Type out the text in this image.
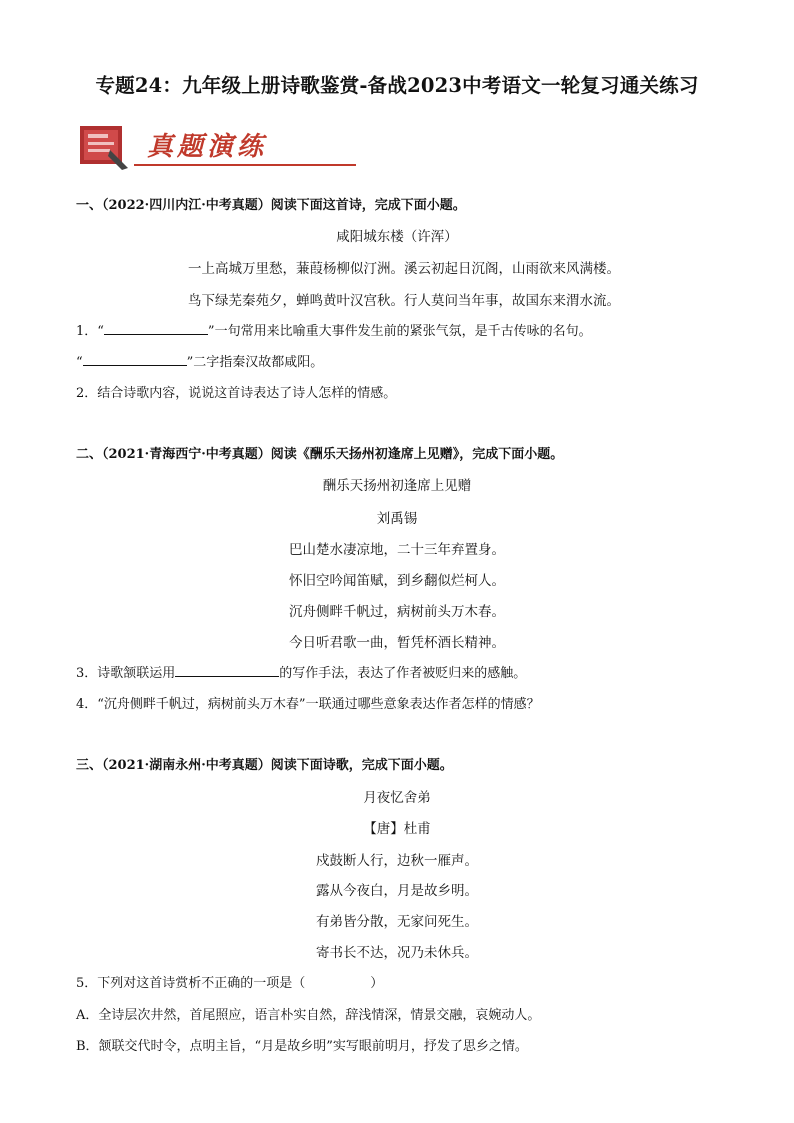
专题24：九年级上册诗歌鉴赏-备战2023中考语文一轮复习通关练习
真题演练
一、（2022·四川内江·中考真题）阅读下面这首诗，完成下面小题。
咸阳城东楼（许浑）
一上高城万里愁，蒹葭杨柳似汀洲。溪云初起日沉阁，山雨欲来风满楼。
鸟下绿芜秦苑夕，蝉鸣黄叶汉宫秋。行人莫问当年事，故国东来渭水流。
1．“	”一句常用来比喻重大事件发生前的紧张气氛，是千古传咏的名句。
“	”二字指秦汉故都咸阳。
2．结合诗歌内容，说说这首诗表达了诗人怎样的情感。
二、（2021·青海西宁·中考真题）阅读《酬乐天扬州初逢席上见赠》，完成下面小题。
酬乐天扬州初逢席上见赠
刘禹锡
巴山楚水凄凉地，二十三年弃置身。
怀旧空吟闻笛赋，到乡翻似烂柯人。
沉舟侧畔千帆过，病树前头万木春。
今日听君歌一曲，暂凭杯酒长精神。
3．诗歌颔联运用	的写作手法，表达了作者被贬归来的感触。
4．“沉舟侧畔千帆过，病树前头万木春”一联通过哪些意象表达作者怎样的情感？
三、（2021·湖南永州·中考真题）阅读下面诗歌，完成下面小题。
月夜忆舍弟
【唐】杜甫
戍鼓断人行，边秋一雁声。
露从今夜白，月是故乡明。
有弟皆分散，无家问死生。
寄书长不达，况乃未休兵。
5．下列对这首诗赏析不正确的一项是（　　　　　）
A．全诗层次井然，首尾照应，语言朴实自然，辞浅情深，情景交融，哀婉动人。
B．颔联交代时令，点明主旨，“月是故乡明”实写眼前明月，抒发了思乡之情。
